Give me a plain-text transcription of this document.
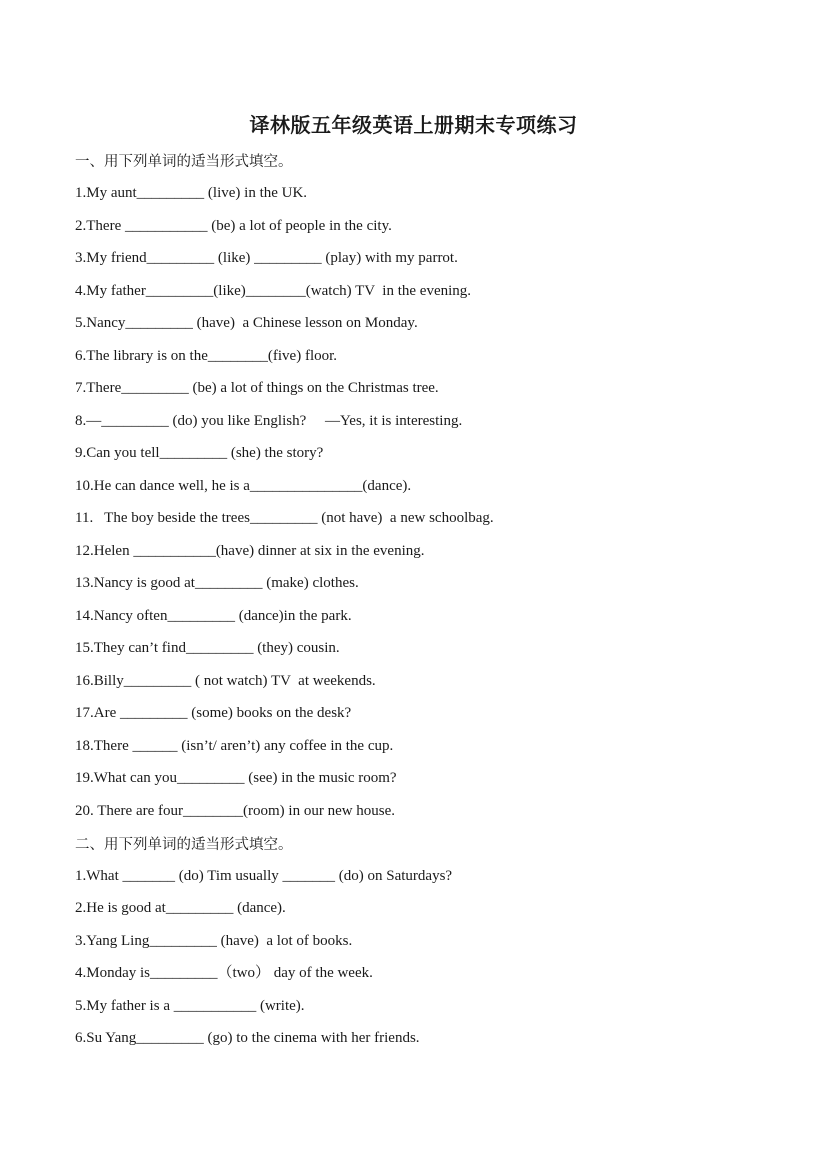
译林版五年级英语上册期末专项练习

一、用下列单词的适当形式填空。

1.My aunt_________ (live) in the UK.

2.There ___________ (be) a lot of people in the city.

3.My friend_________ (like) _________ (play) with my parrot.

4.My father_________(like)________(watch) TV  in the evening.

5.Nancy_________ (have)  a Chinese lesson on Monday.

6.The library is on the________(five) floor.

7.There_________ (be) a lot of things on the Christmas tree.

8.—_________ (do) you like English?     —Yes, it is interesting.

9.Can you tell_________ (she) the story?

10.He can dance well, he is a_______________(dance).

11.   The boy beside the trees_________ (not have)  a new schoolbag.

12.Helen ___________(have) dinner at six in the evening.

13.Nancy is good at_________ (make) clothes.

14.Nancy often_________ (dance)in the park.

15.They can’t find_________ (they) cousin.

16.Billy_________ ( not watch) TV  at weekends.

17.Are _________ (some) books on the desk?

18.There ______ (isn’t/ aren’t) any coffee in the cup.

19.What can you_________ (see) in the music room?

20. There are four________(room) in our new house.

二、用下列单词的适当形式填空。

1.What _______ (do) Tim usually _______ (do) on Saturdays?

2.He is good at_________ (dance).

3.Yang Ling_________ (have)  a lot of books.

4.Monday is_________（two） day of the week.

5.My father is a ___________ (write).

6.Su Yang_________ (go) to the cinema with her friends.
